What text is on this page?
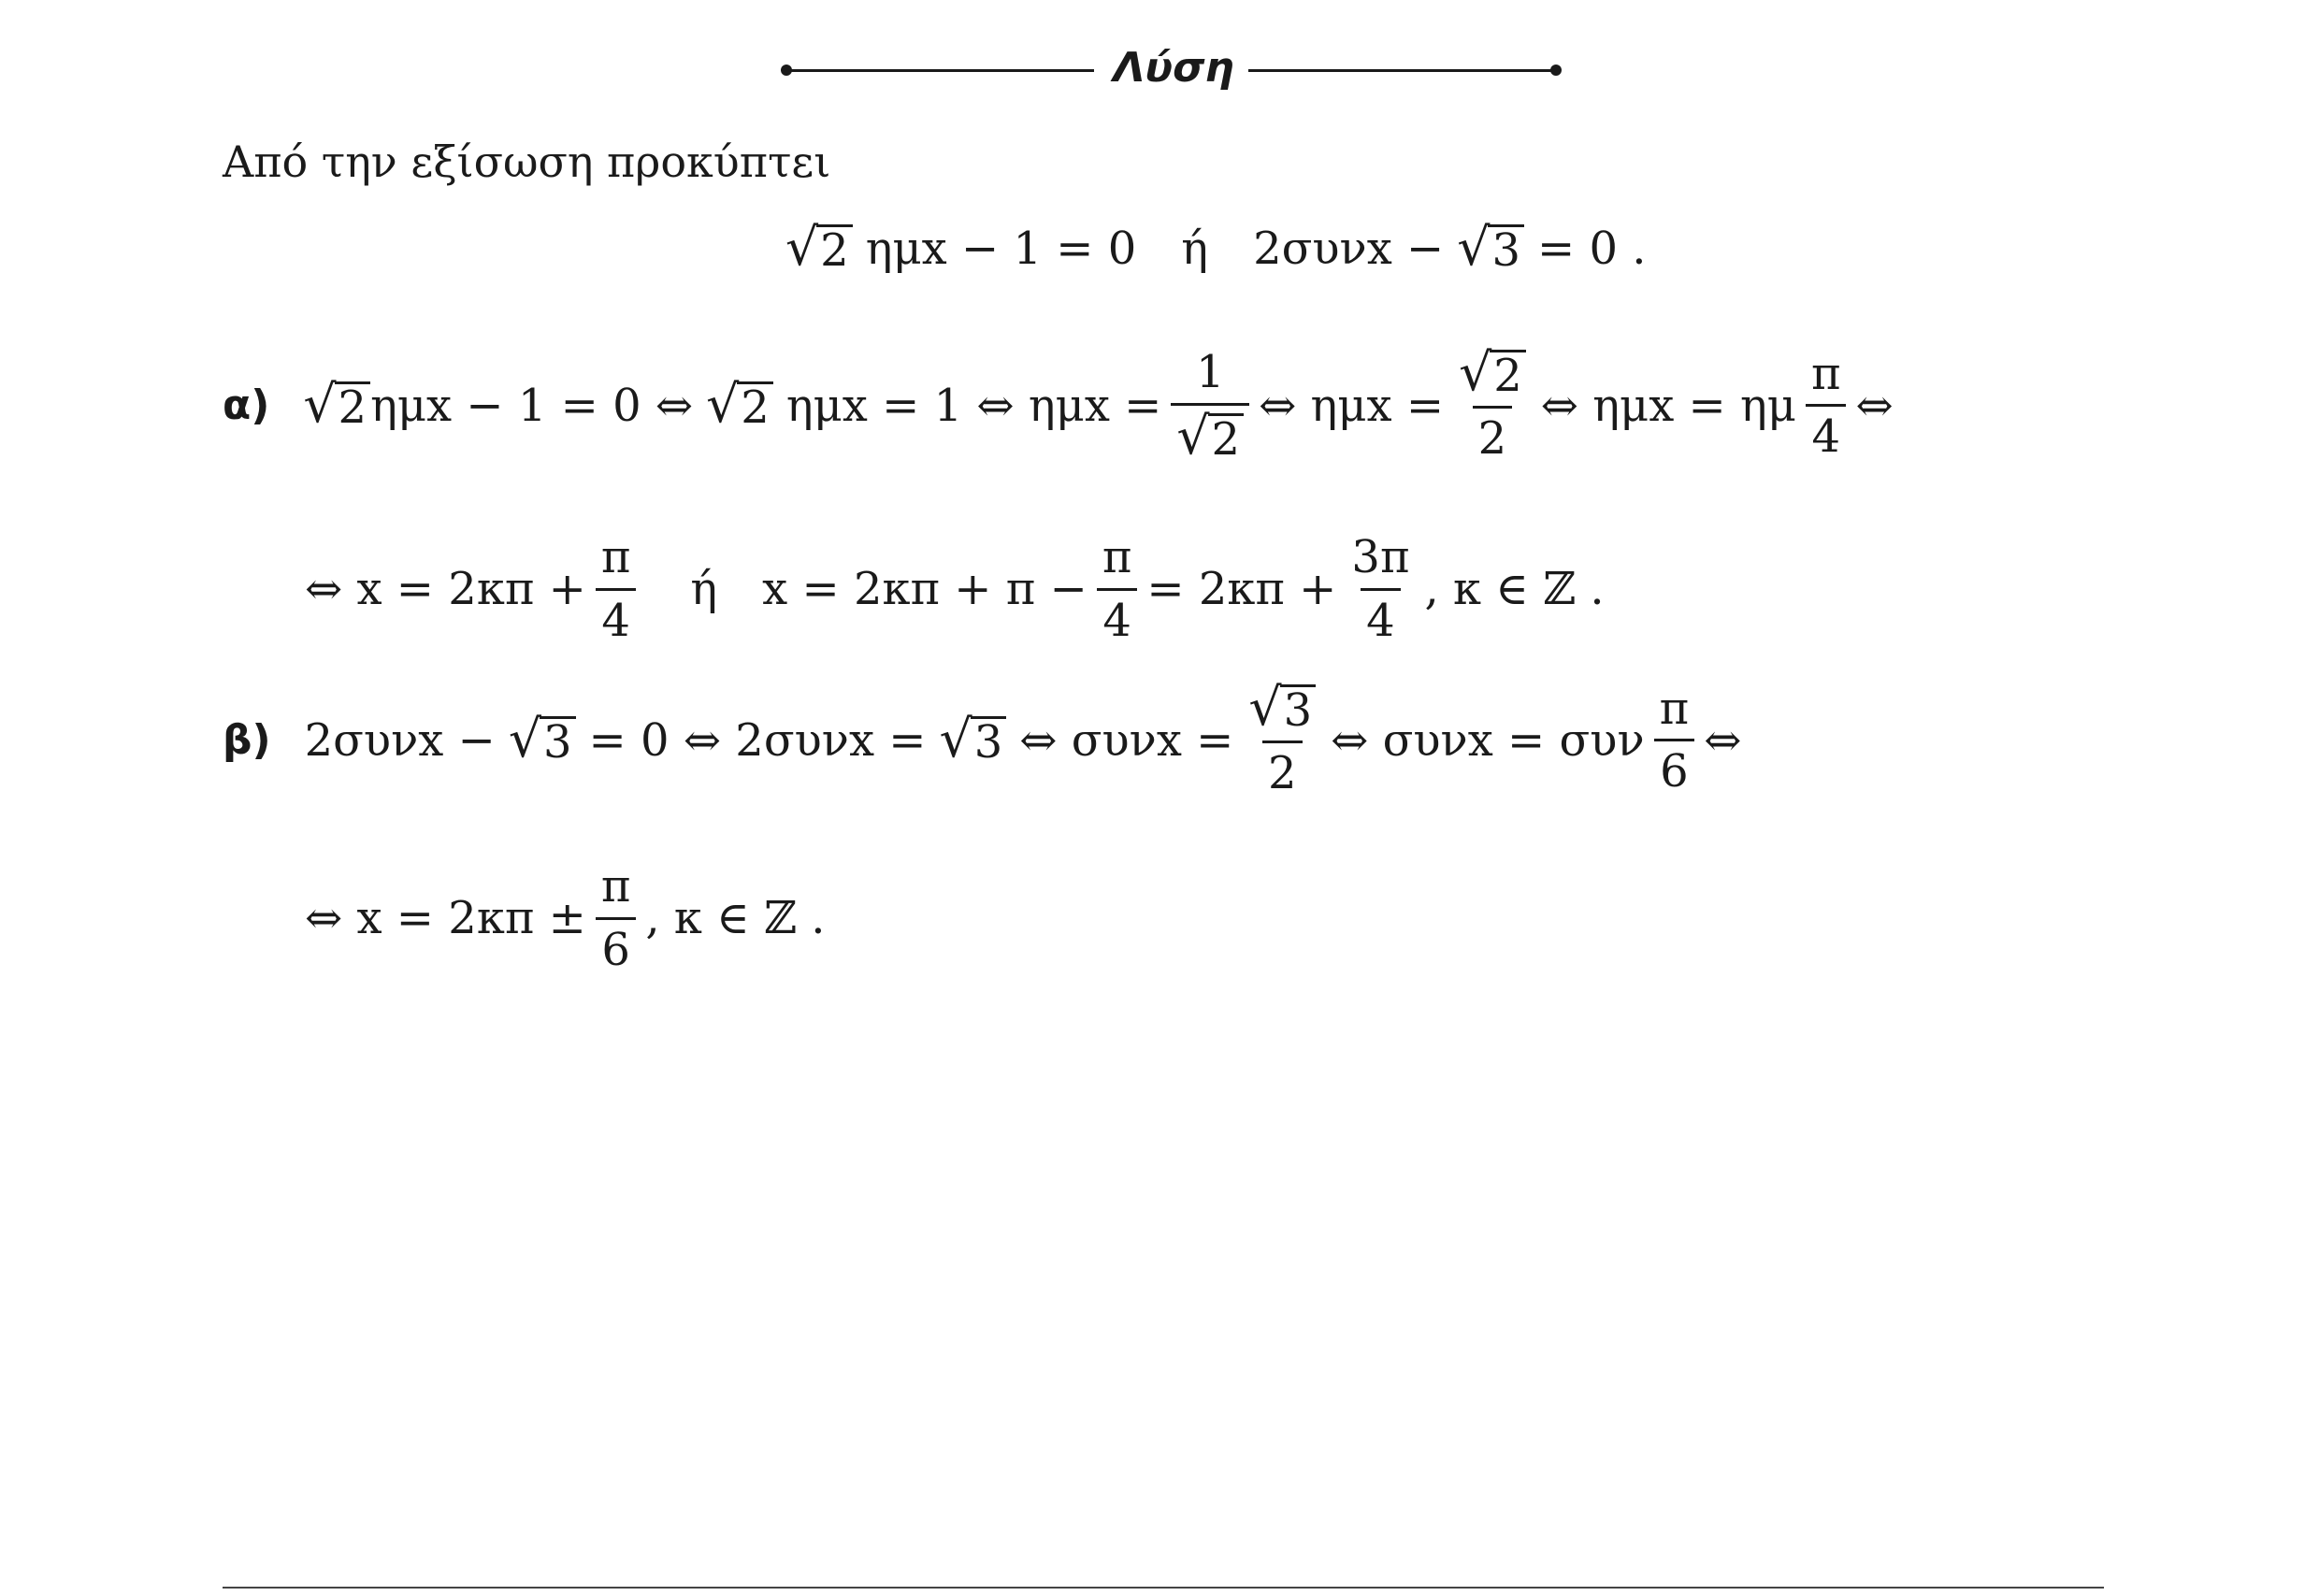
Λύση
Από την εξίσωση προκύπτει
√ 2 ημx − 1 = 0 ή 2συνx − √ 3 = 0 .
α) √ 2 ημx − 1 = 0 ⇔ √ 2 ημx = 1 ⇔ $\eta\mu x = \frac{1}{√ 2}$ ⇔ $\eta\mu x = \frac{√ 2}{2}$ ⇔ ημx = ημ $\frac{\pi}{4}$ ⇔
⇔ $x = 2\kappa\pi + \frac{\pi}{4}$ ή $x = 2\kappa\pi + \pi - \frac{\pi}{4} = 2\kappa\pi + \frac{3\pi}{4}$ , κ ∈ ℤ .
β) 2συνx − √ 3 = 0 ⇔ 2συνx = √ 3 ⇔ $\sigma\upsilon\nu x = \frac{√ 3}{2}$ ⇔ συνx = συν $\frac{\pi}{6}$ ⇔
⇔ $x = 2\kappa\pi \pm \frac{\pi}{6}$ , κ ∈ ℤ .
